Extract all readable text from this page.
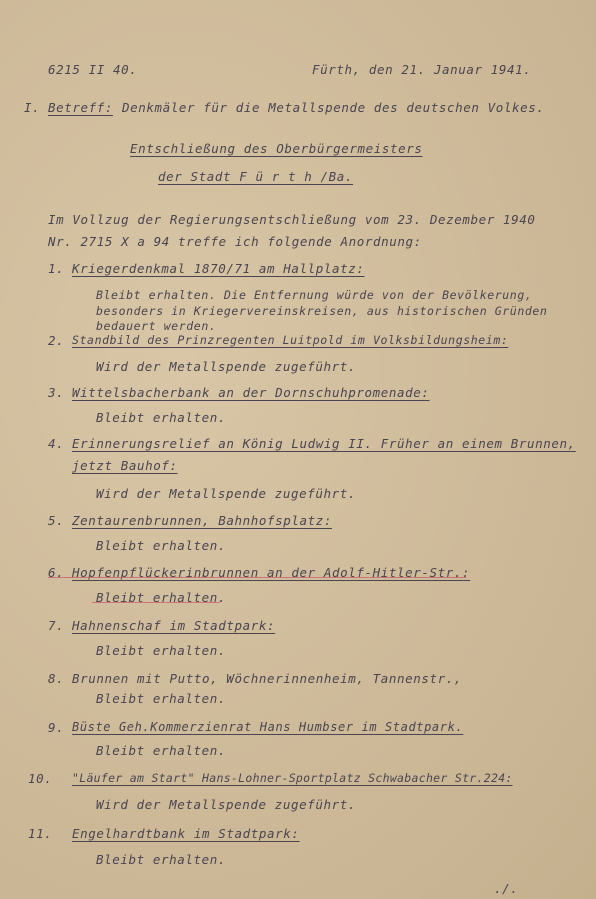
6215 II 40.	Fürth, den 21. Januar 1941.
I. Betreff: Denkmäler für die Metallspende des deutschen Volkes.
Entschließung des Oberbürgermeisters
der Stadt F ü r t h /Ba.
Im Vollzug der Regierungsentschließung vom 23. Dezember 1940
Nr. 2715 X a 94 treffe ich folgende Anordnung:
1. Kriegerdenkmal 1870/71 am Hallplatz:
Bleibt erhalten. Die Entfernung würde von der Bevölkerung,
besonders in Kriegervereinskreisen, aus historischen Gründen
bedauert werden.
2. Standbild des Prinzregenten Luitpold im Volksbildungsheim:
Wird der Metallspende zugeführt.
3. Wittelsbacherbank an der Dornschuhpromenade:
Bleibt erhalten.
4. Erinnerungsrelief an König Ludwig II. Früher an einem Brunnen,
jetzt Bauhof:
Wird der Metallspende zugeführt.
5. Zentaurenbrunnen, Bahnhofsplatz:
Bleibt erhalten.
6. Hopfenpflückerinbrunnen an der Adolf-Hitler-Str.:
Bleibt erhalten.
7. Hahnenschaf im Stadtpark:
Bleibt erhalten.
8. Brunnen mit Putto, Wöchnerinnenheim, Tannenstr.,
Bleibt erhalten.
9. Büste Geh.Kommerzienrat Hans Humbser im Stadtpark.
Bleibt erhalten.
10. "Läufer am Start" Hans-Lohner-Sportplatz Schwabacher Str.224:
Wird der Metallspende zugeführt.
11. Engelhardtbank im Stadtpark:
Bleibt erhalten.
./.
